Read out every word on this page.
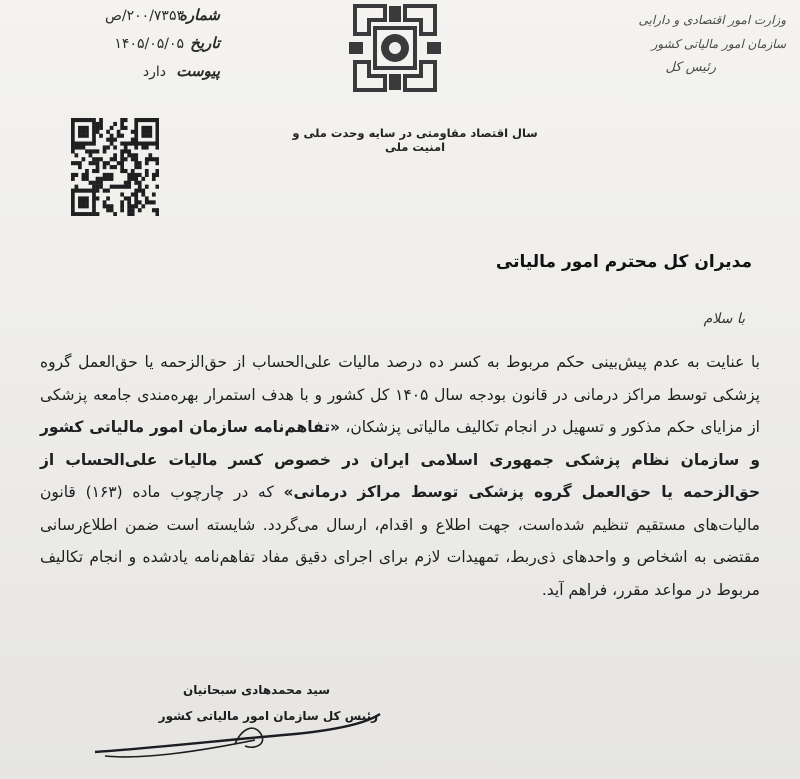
شماره
۲۰۰/۷۳۵۳/ص
تاریخ
۱۴۰۵/۰۵/۰۵
پیوست
دارد
سال اقتصاد مقاومتی در سایه وحدت ملی و امنیت ملی
وزارت امور اقتصادی و دارایی
سازمان امور مالیاتی کشور
رئیس کل
مدیران کل محترم امور مالیاتی
با سلام
با عنایت به عدم پیش‌بینی حکم مربوط به کسر ده درصد مالیات علی‌الحساب از حق‌الزحمه یا حق‌العمل گروه پزشکی توسط مراکز درمانی در قانون بودجه سال ۱۴۰۵ کل کشور و با هدف استمرار بهره‌مندی جامعه پزشکی از مزایای حکم مذکور و تسهیل در انجام تکالیف مالیاتی پزشکان، «تفاهم‌نامه سازمان امور مالیاتی کشور و سازمان نظام پزشکی جمهوری اسلامی ایران در خصوص کسر مالیات علی‌الحساب از حق‌الزحمه یا حق‌العمل گروه پزشکی توسط مراکز درمانی» که در چارچوب ماده (۱۶۳) قانون مالیات‌های مستقیم تنظیم شده‌است، جهت اطلاع و اقدام، ارسال می‌گردد. شایسته است ضمن اطلاع‌رسانی مقتضی به اشخاص و واحدهای ذی‌ربط، تمهیدات لازم برای اجرای دقیق مفاد تفاهم‌نامه یادشده و انجام تکالیف مربوط در مواعد مقرر، فراهم آید.
سید محمدهادی سبحانیان
رئیس کل سازمان امور مالیاتی کشور
